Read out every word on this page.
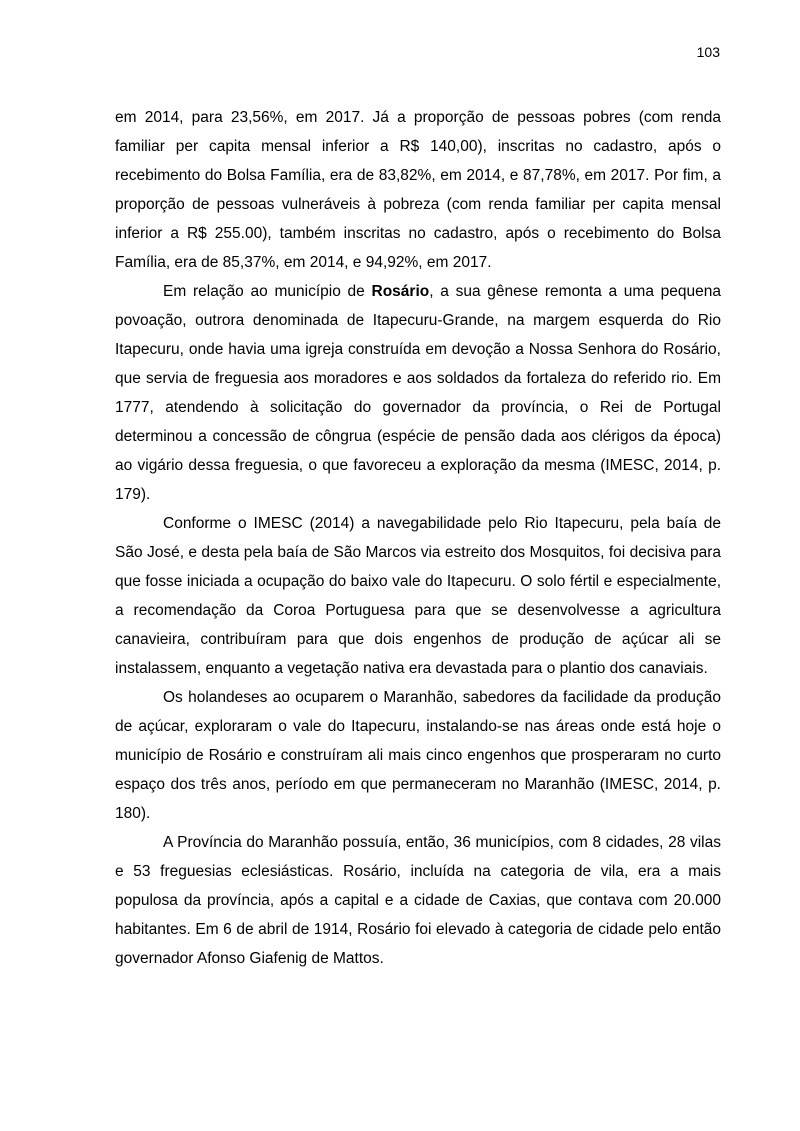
103

em 2014, para 23,56%, em 2017. Já a proporção de pessoas pobres (com renda familiar per capita mensal inferior a R$ 140,00), inscritas no cadastro, após o recebimento do Bolsa Família, era de 83,82%, em 2014, e 87,78%, em 2017. Por fim, a proporção de pessoas vulneráveis à pobreza (com renda familiar per capita mensal inferior a R$ 255.00), também inscritas no cadastro, após o recebimento do Bolsa Família, era de 85,37%, em 2014, e 94,92%, em 2017.

Em relação ao município de Rosário, a sua gênese remonta a uma pequena povoação, outrora denominada de Itapecuru-Grande, na margem esquerda do Rio Itapecuru, onde havia uma igreja construída em devoção a Nossa Senhora do Rosário, que servia de freguesia aos moradores e aos soldados da fortaleza do referido rio. Em 1777, atendendo à solicitação do governador da província, o Rei de Portugal determinou a concessão de côngrua (espécie de pensão dada aos clérigos da época) ao vigário dessa freguesia, o que favoreceu a exploração da mesma (IMESC, 2014, p. 179).

Conforme o IMESC (2014) a navegabilidade pelo Rio Itapecuru, pela baía de São José, e desta pela baía de São Marcos via estreito dos Mosquitos, foi decisiva para que fosse iniciada a ocupação do baixo vale do Itapecuru. O solo fértil e especialmente, a recomendação da Coroa Portuguesa para que se desenvolvesse a agricultura canavieira, contribuíram para que dois engenhos de produção de açúcar ali se instalassem, enquanto a vegetação nativa era devastada para o plantio dos canaviais.

Os holandeses ao ocuparem o Maranhão, sabedores da facilidade da produção de açúcar, exploraram o vale do Itapecuru, instalando-se nas áreas onde está hoje o município de Rosário e construíram ali mais cinco engenhos que prosperaram no curto espaço dos três anos, período em que permaneceram no Maranhão (IMESC, 2014, p. 180).

A Província do Maranhão possuía, então, 36 municípios, com 8 cidades, 28 vilas e 53 freguesias eclesiásticas. Rosário, incluída na categoria de vila, era a mais populosa da província, após a capital e a cidade de Caxias, que contava com 20.000 habitantes. Em 6 de abril de 1914, Rosário foi elevado à categoria de cidade pelo então governador Afonso Giafenig de Mattos.
